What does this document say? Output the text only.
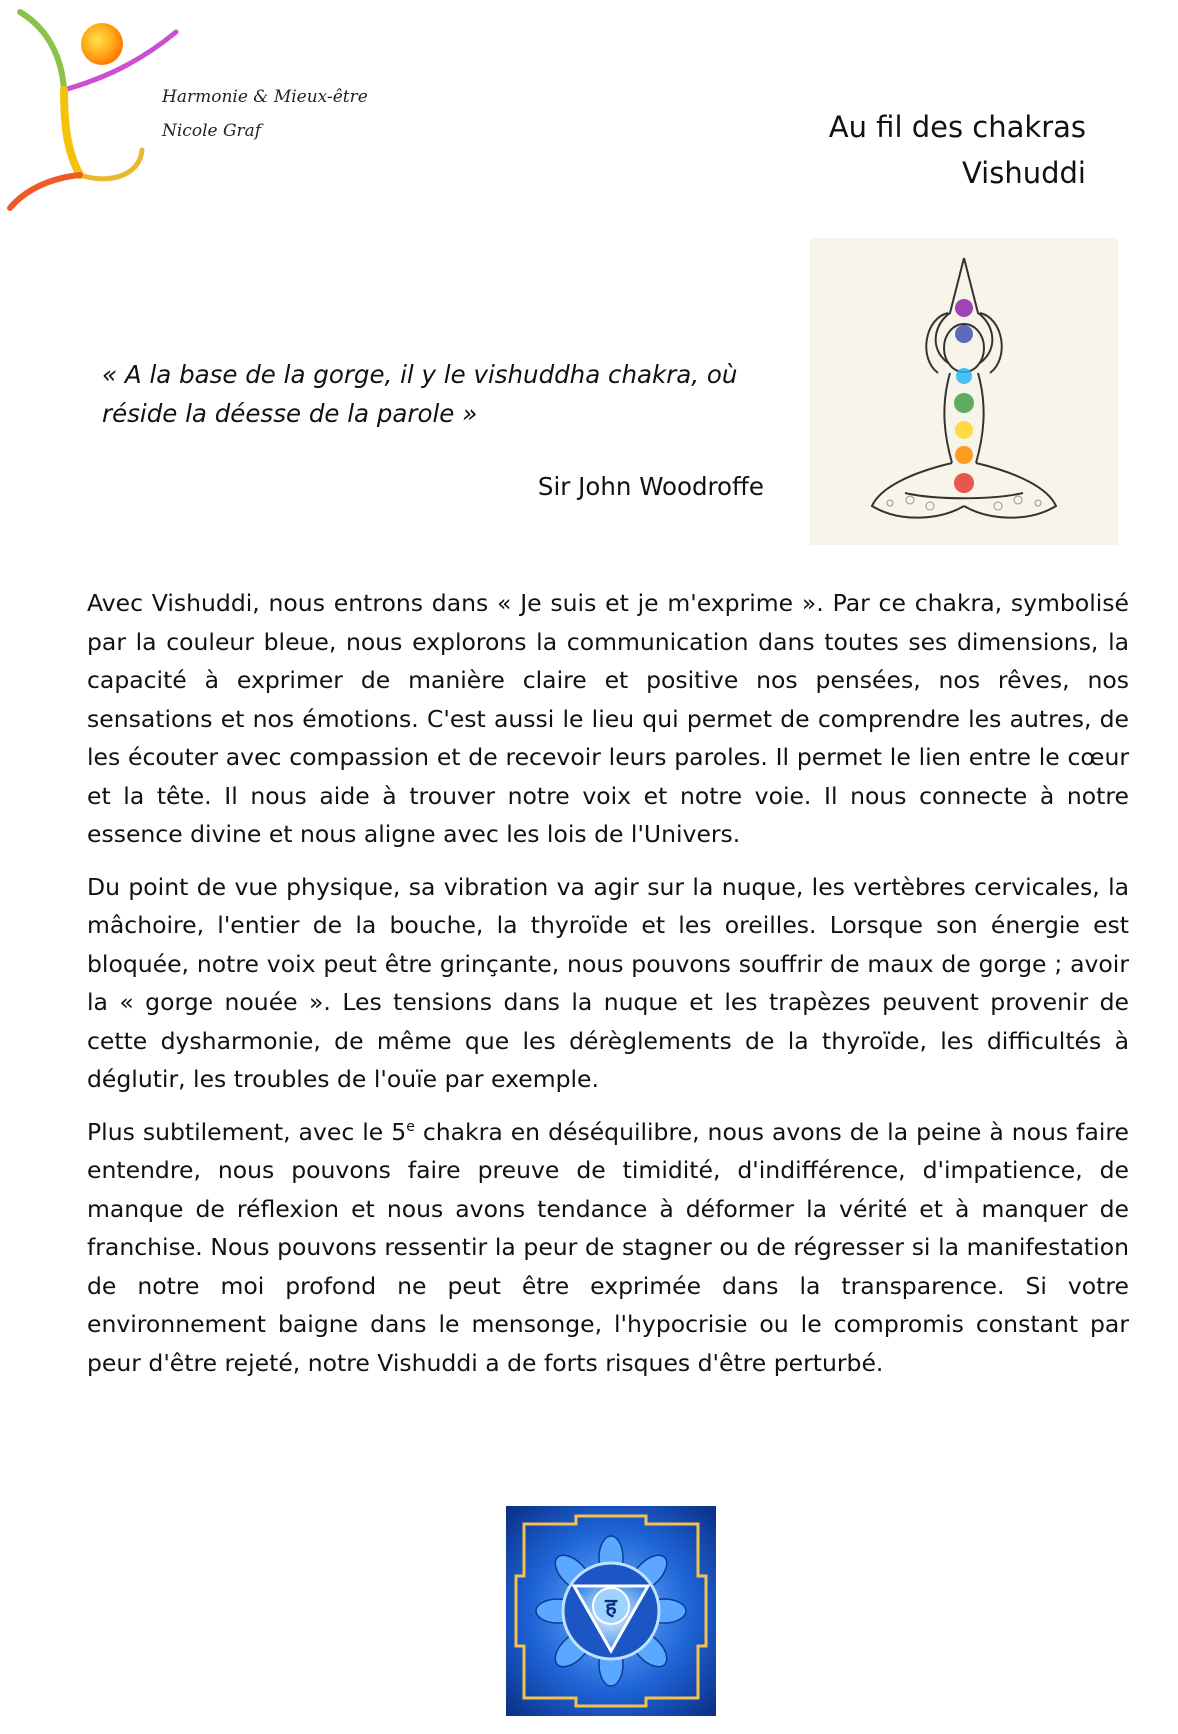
Harmonie & Mieux-être
Nicole Graf	Au fil des chakras
Vishuddi
« A la base de la gorge, il y le vishuddha chakra, où réside la déesse de la parole »
Sir John Woodroffe

Avec Vishuddi, nous entrons dans « Je suis et je m'exprime ». Par ce chakra, symbolisé par la couleur bleue, nous explorons la communication dans toutes ses dimensions, la capacité à exprimer de manière claire et positive nos pensées, nos rêves, nos sensations et nos émotions. C'est aussi le lieu qui permet de comprendre les autres, de les écouter avec compassion et de recevoir leurs paroles. Il permet le lien entre le cœur et la tête. Il nous aide à trouver notre voix et notre voie. Il nous connecte à notre essence divine et nous aligne avec les lois de l'Univers.

Du point de vue physique, sa vibration va agir sur la nuque, les vertèbres cervicales, la mâchoire, l'entier de la bouche, la thyroïde et les oreilles. Lorsque son énergie est bloquée, notre voix peut être grinçante, nous pouvons souffrir de maux de gorge ; avoir la « gorge nouée ». Les tensions dans la nuque et les trapèzes peuvent provenir de cette dysharmonie, de même que les dérèglements de la thyroïde, les difficultés à déglutir, les troubles de l'ouïe par exemple.

Plus subtilement, avec le 5e chakra en déséquilibre, nous avons de la peine à nous faire entendre, nous pouvons faire preuve de timidité, d'indifférence, d'impatience, de manque de réflexion et nous avons tendance à déformer la vérité et à manquer de franchise. Nous pouvons ressentir la peur de stagner ou de régresser si la manifestation de notre moi profond ne peut être exprimée dans la transparence. Si votre environnement baigne dans le mensonge, l'hypocrisie ou le compromis constant par peur d'être rejeté, notre Vishuddi a de forts risques d'être perturbé.

ह
